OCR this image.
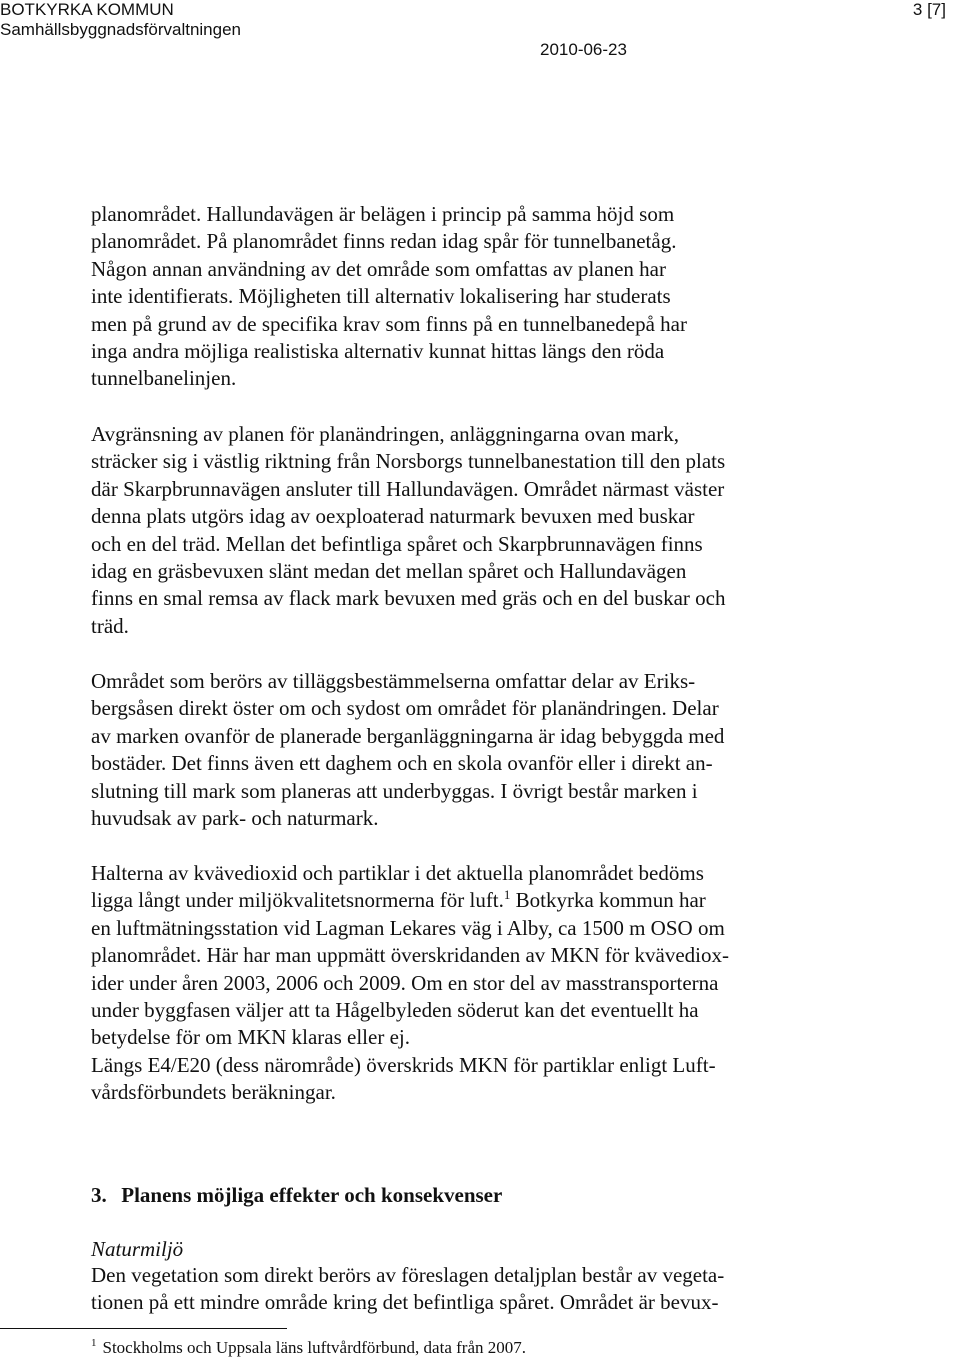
BOTKYRKA KOMMUN
Samhällsbyggnadsförvaltningen
3 [7]
2010-06-23
planområdet. Hallundavägen är belägen i princip på samma höjd som
planområdet. På planområdet finns redan idag spår för tunnelbanetåg.
Någon annan användning av det område som omfattas av planen har
inte identifierats. Möjligheten till alternativ lokalisering har studerats
men på grund av de specifika krav som finns på en tunnelbanedepå har
inga andra möjliga realistiska alternativ kunnat hittas längs den röda
tunnelbanelinjen.
Avgränsning av planen för planändringen, anläggningarna ovan mark,
sträcker sig i västlig riktning från Norsborgs tunnelbanestation till den plats
där Skarpbrunnavägen ansluter till Hallundavägen. Området närmast väster
denna plats utgörs idag av oexploaterad naturmark bevuxen med buskar
och en del träd. Mellan det befintliga spåret och Skarpbrunnavägen finns
idag en gräsbevuxen slänt medan det mellan spåret och Hallundavägen
finns en smal remsa av flack mark bevuxen med gräs och en del buskar och
träd.
Området som berörs av tilläggsbestämmelserna omfattar delar av Eriks-
bergsåsen direkt öster om och sydost om området för planändringen. Delar
av marken ovanför de planerade berganläggningarna är idag bebyggda med
bostäder. Det finns även ett daghem och en skola ovanför eller i direkt an-
slutning till mark som planeras att underbyggas. I övrigt består marken i
huvudsak av park- och naturmark.
Halterna av kvävedioxid och partiklar i det aktuella planområdet bedöms
ligga långt under miljökvalitetsnormerna för luft.$^1$ Botkyrka kommun har
en luftmätningsstation vid Lagman Lekares väg i Alby, ca 1500 m OSO om
planområdet. Här har man uppmätt överskridanden av MKN för kvävediox-
ider under åren 2003, 2006 och 2009. Om en stor del av masstransporterna
under byggfasen väljer att ta Hågelbyleden söderut kan det eventuellt ha
betydelse för om MKN klaras eller ej.
Längs E4/E20 (dess närområde) överskrids MKN för partiklar enligt Luft-
vårdsförbundets beräkningar.
3. Planens möjliga effekter och konsekvenser
Naturmiljö
Den vegetation som direkt berörs av föreslagen detaljplan består av vegeta-
tionen på ett mindre område kring det befintliga spåret. Området är bevux-
$^1$ Stockholms och Uppsala läns luftvårdförbund, data från 2007.
